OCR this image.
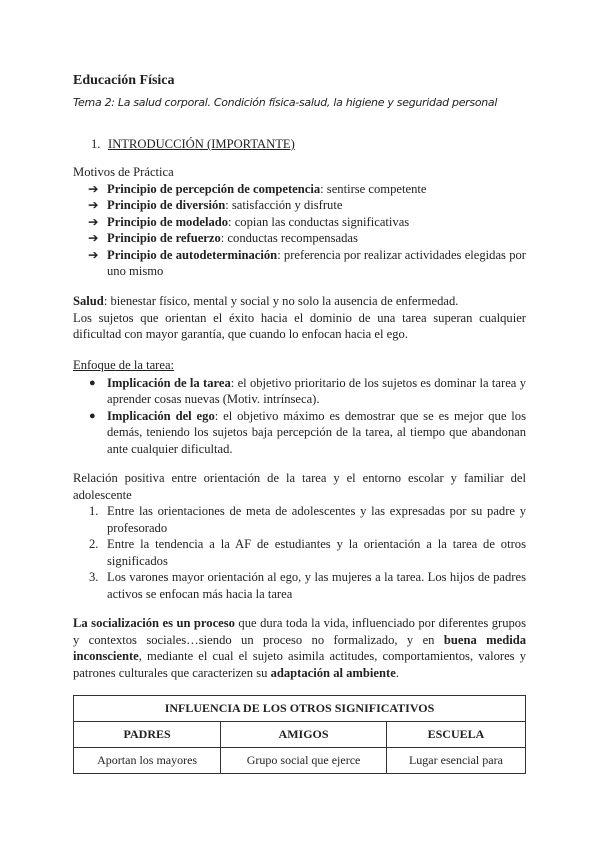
Educación Física
Tema 2: La salud corporal. Condición física-salud, la higiene y seguridad personal
1. INTRODUCCIÓN (IMPORTANTE)
Motivos de Práctica
➔ Principio de percepción de competencia: sentirse competente
➔ Principio de diversión: satisfacción y disfrute
➔ Principio de modelado: copian las conductas significativas
➔ Principio de refuerzo: conductas recompensadas
➔ Principio de autodeterminación: preferencia por realizar actividades elegidas por uno mismo
Salud: bienestar físico, mental y social y no solo la ausencia de enfermedad.
Los sujetos que orientan el éxito hacia el dominio de una tarea superan cualquier dificultad con mayor garantía, que cuando lo enfocan hacia el ego.
Enfoque de la tarea:
● Implicación de la tarea: el objetivo prioritario de los sujetos es dominar la tarea y aprender cosas nuevas (Motiv. intrínseca).
● Implicación del ego: el objetivo máximo es demostrar que se es mejor que los demás, teniendo los sujetos baja percepción de la tarea, al tiempo que abandonan ante cualquier dificultad.
Relación positiva entre orientación de la tarea y el entorno escolar y familiar del adolescente
1. Entre las orientaciones de meta de adolescentes y las expresadas por su padre y profesorado
2. Entre la tendencia a la AF de estudiantes y la orientación a la tarea de otros significados
3. Los varones mayor orientación al ego, y las mujeres a la tarea. Los hijos de padres activos se enfocan más hacia la tarea
La socialización es un proceso que dura toda la vida, influenciado por diferentes grupos y contextos sociales…siendo un proceso no formalizado, y en buena medida inconsciente, mediante el cual el sujeto asimila actitudes, comportamientos, valores y patrones culturales que caracterizen su adaptación al ambiente.
INFLUENCIA DE LOS OTROS SIGNIFICATIVOS		
PADRES	AMIGOS	ESCUELA
Aportan los mayores	Grupo social que ejerce	Lugar esencial para
